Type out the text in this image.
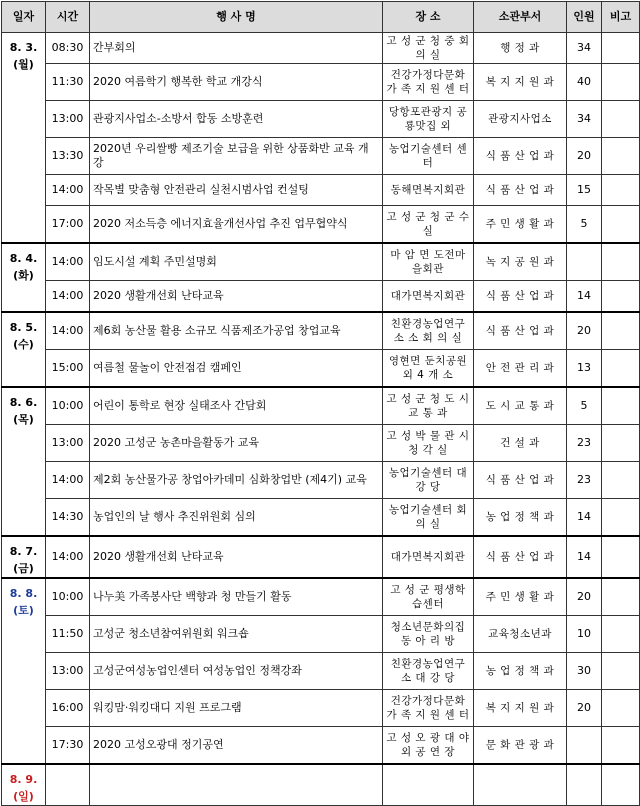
일자	시간	행 사 명	장 소	소관부서	인원	비고

8. 3.
(월)	08:30	간부회의	고 성 군 청 중 회 의 실	행 정 과	34	
	11:30	2020 여름학기 행복한 학교 개강식	건강가정다문화 가 족 지 원 센 터	복 지 지 원 과	40	
	13:00	관광지사업소-소방서 합동 소방훈련	당항포관광지 공룡맛집 외	관광지사업소	34	
	13:30	2020년 우리쌀빵 제조기술 보급을 위한 상품화반 교육 개강	농업기술센터 센 터	식 품 산 업 과	20	
	14:00	작목별 맞춤형 안전관리 실천시범사업 컨설팅	동해면복지회관	식 품 산 업 과	15	
	17:00	2020 저소득층 에너지효율개선사업 추진 업무협약식	고 성 군 청 군 수 실	주 민 생 활 과	5	

8. 4.
(화)	14:00	임도시설 계획 주민설명회	마 암 면 도전마을회관	녹 지 공 원 과		
	14:00	2020 생활개선회 난타교육	대가면복지회관	식 품 산 업 과	14	

8. 5.
(수)	14:00	제6회 농산물 활용 소규모 식품제조가공업 창업교육	친환경농업연구소 소 회 의 실	식 품 산 업 과	20	
	15:00	여름철 물놀이 안전점검 캠페인	영현면 둔치공원 외 4 개 소	안 전 관 리 과	13	

8. 6.
(목)	10:00	어린이 통학로 현장 실태조사 간담회	고 성 군 청 도 시 교 통 과	도 시 교 통 과	5	
	13:00	2020 고성군 농촌마을활동가 교육	고 성 박 물 관 시 청 각 실	건 설 과	23	
	14:00	제2회 농산물가공 창업아카데미 심화창업반 (제4기) 교육	농업기술센터 대 강 당	식 품 산 업 과	23	
	14:30	농업인의 날 행사 추진위원회 심의	농업기술센터 회 의 실	농 업 정 책 과	14	

8. 7.
(금)	14:00	2020 생활개선회 난타교육	대가면복지회관	식 품 산 업 과	14	

8. 8.
(토)	10:00	나누美 가족봉사단 백향과 청 만들기 활동	고 성 군 평생학습센터	주 민 생 활 과	20	
	11:50	고성군 청소년참여위원회 워크숍	청소년문화의집 동 아 리 방	교육청소년과	10	
	13:00	고성군여성농업인센터 여성농업인 정책강좌	친환경농업연구소 대 강 당	농 업 정 책 과	30	
	16:00	워킹맘·워킹대디 지원 프로그램	건강가정다문화 가 족 지 원 센 터	복 지 지 원 과	20	
	17:30	2020 고성오광대 정기공연	고 성 오 광 대 야 외 공 연 장	문 화 관 광 과		

8. 9.
(일)						
